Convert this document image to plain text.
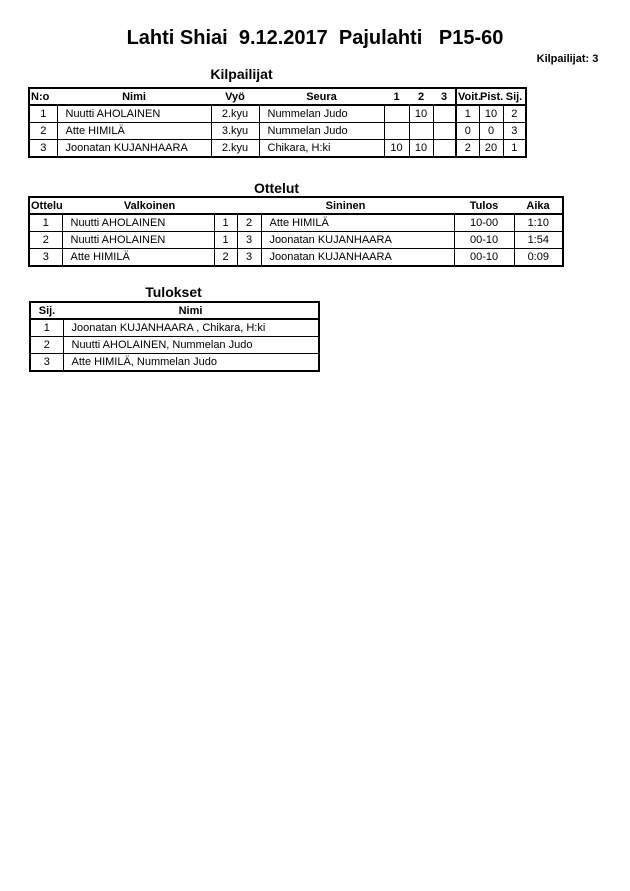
Lahti Shiai  9.12.2017  Pajulahti   P15-60
Kilpailijat: 3
Kilpailijat
N:o	Nimi	Vyö	Seura	1	2	3	Voit.	Pist.	Sij.
1	Nuutti AHOLAINEN	2.kyu	Nummelan Judo		10		1	10	2
2	Atte HIMILÄ	3.kyu	Nummelan Judo				0	0	3
3	Joonatan KUJANHAARA	2.kyu	Chikara, H:ki	10	10		2	20	1
Ottelut
Ottelu	Valkoinen		Sininen		Tulos	Aika
1	Nuutti AHOLAINEN	1	2	Atte HIMILÄ	10-00	1:10
2	Nuutti AHOLAINEN	1	3	Joonatan KUJANHAARA	00-10	1:54
3	Atte HIMILÄ	2	3	Joonatan KUJANHAARA	00-10	0:09
Tulokset
Sij.	Nimi
1	Joonatan KUJANHAARA , Chikara, H:ki
2	Nuutti AHOLAINEN, Nummelan Judo
3	Atte HIMILÄ, Nummelan Judo
